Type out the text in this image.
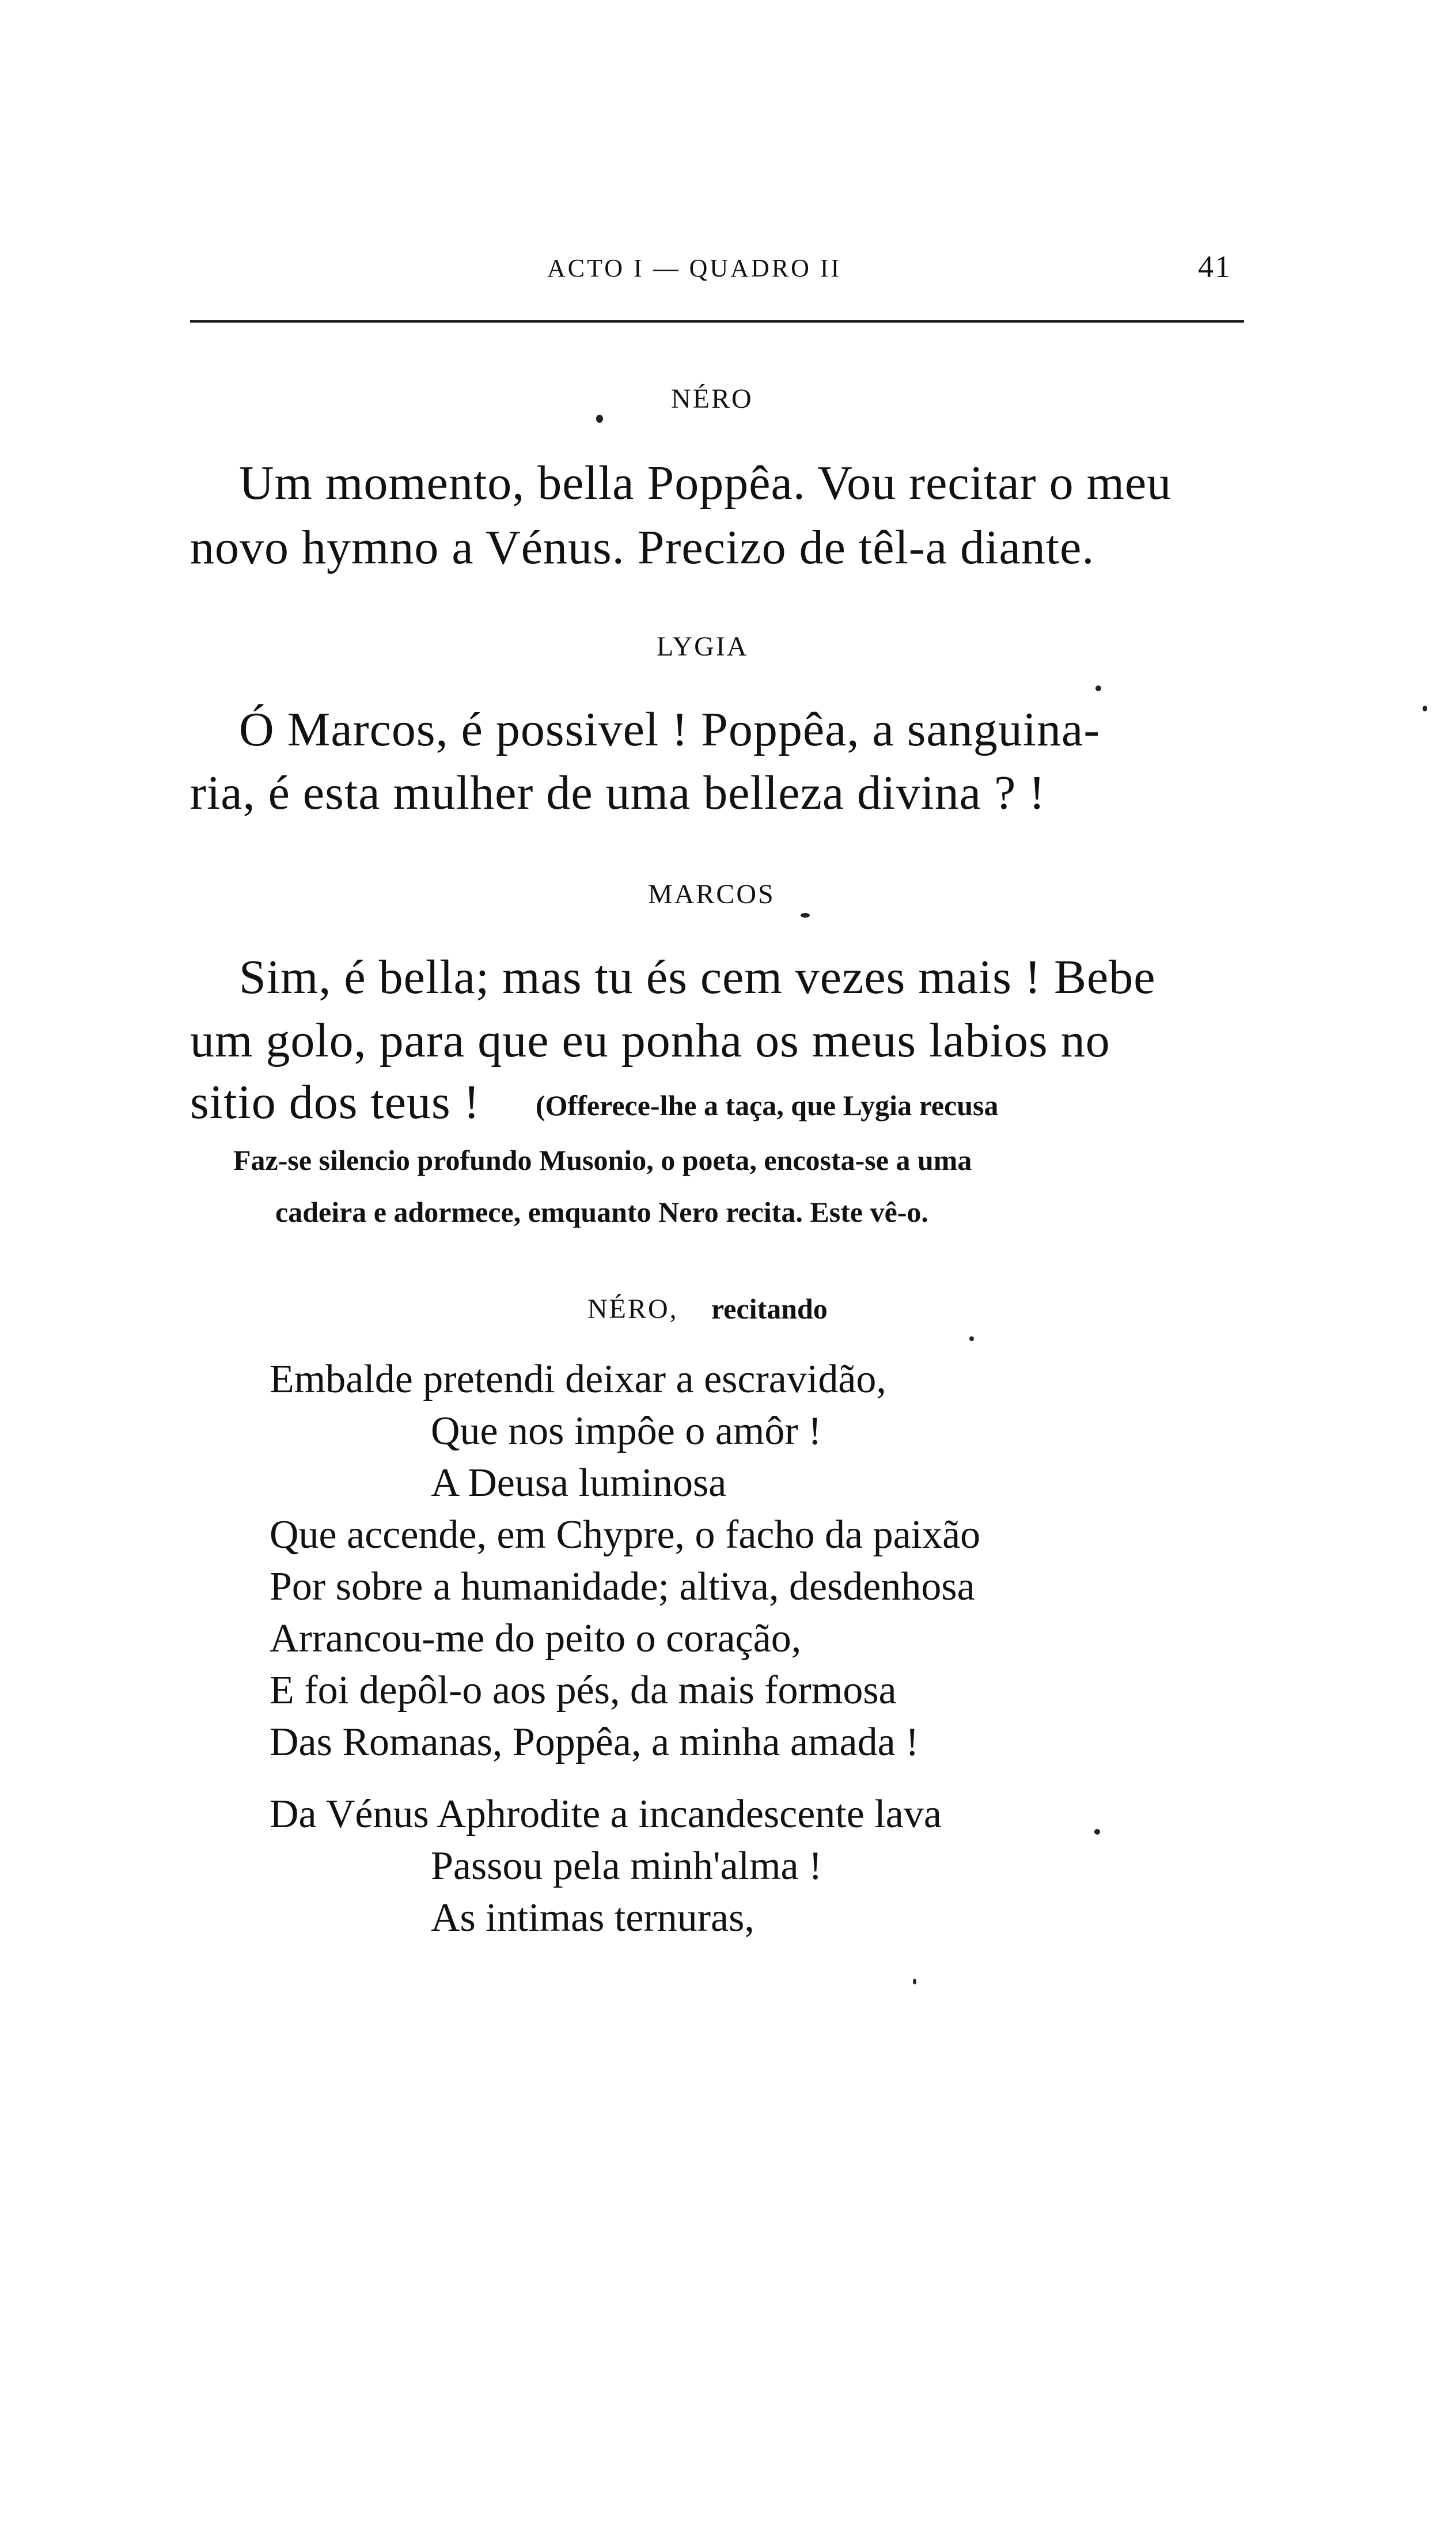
ACTO I — QUADRO II	41
NÉRO
Um momento, bella Poppêa. Vou recitar o meu
novo hymno a Vénus. Precizo de têl-a diante.
LYGIA
Ó Marcos, é possivel ! Poppêa, a sanguina-
ria, é esta mulher de uma belleza divina ? !
MARCOS
Sim, é bella; mas tu és cem vezes mais ! Bebe
um golo, para que eu ponha os meus labios no
sitio dos teus ! (Offerece-lhe a taça, que Lygia recusa
Faz-se silencio profundo Musonio, o poeta, encosta-se a uma
cadeira e adormece, emquanto Nero recita. Este vê-o.
NÉRO, recitando
Embalde pretendi deixar a escravidão,
Que nos impôe o amôr !
A Deusa luminosa
Que accende, em Chypre, o facho da paixão
Por sobre a humanidade; altiva, desdenhosa
Arrancou-me do peito o coração,
E foi depôl-o aos pés, da mais formosa
Das Romanas, Poppêa, a minha amada !
Da Vénus Aphrodite a incandescente lava
Passou pela minh'alma !
As intimas ternuras,
